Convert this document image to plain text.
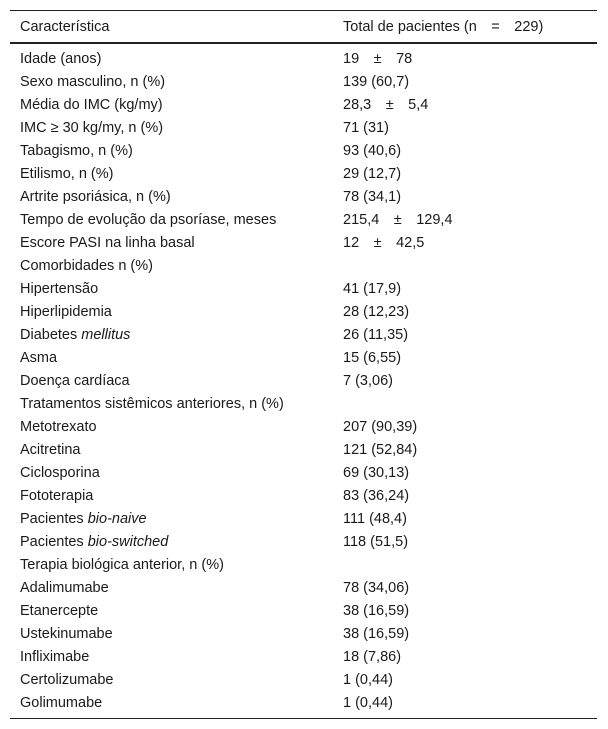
Característica	Total de pacientes (n = 229)
Idade (anos)	19 ± 78
Sexo masculino, n (%)	139 (60,7)
Média do IMC (kg/my)	28,3 ± 5,4
IMC ≥ 30 kg/my, n (%)	71 (31)
Tabagismo, n (%)	93 (40,6)
Etilismo, n (%)	29 (12,7)
Artrite psoriásica, n (%)	78 (34,1)
Tempo de evolução da psoríase, meses	215,4 ± 129,4
Escore PASI na linha basal	12 ± 42,5
Comorbidades n (%)
Hipertensão	41 (17,9)
Hiperlipidemia	28 (12,23)
Diabetes mellitus	26 (11,35)
Asma	15 (6,55)
Doença cardíaca	7 (3,06)
Tratamentos sistêmicos anteriores, n (%)
Metotrexato	207 (90,39)
Acitretina	121 (52,84)
Ciclosporina	69 (30,13)
Fototerapia	83 (36,24)
Pacientes bio-naive	111 (48,4)
Pacientes bio-switched	118 (51,5)
Terapia biológica anterior, n (%)
Adalimumabe	78 (34,06)
Etanercepte	38 (16,59)
Ustekinumabe	38 (16,59)
Infliximabe	18 (7,86)
Certolizumabe	1 (0,44)
Golimumabe	1 (0,44)
